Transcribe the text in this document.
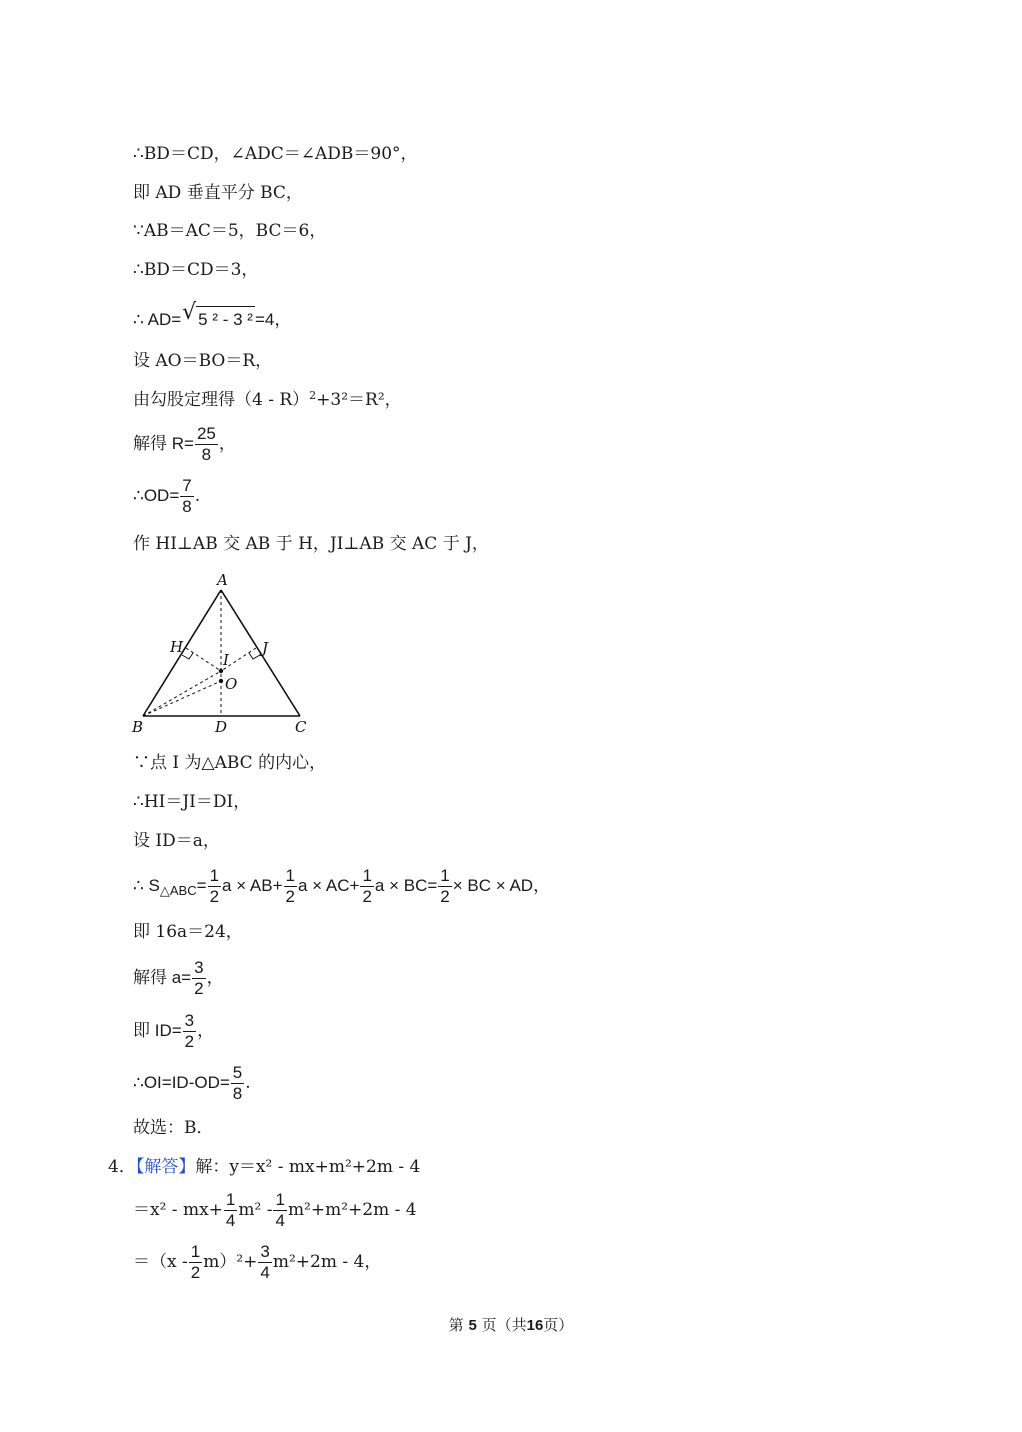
∴BD＝CD，∠ADC＝∠ADB＝90°，
即 AD 垂直平分 BC，
∵AB＝AC＝5，BC＝6，
∴BD＝CD＝3，
∴ AD= √ 5 ² - 3 ² =4，
设 AO＝BO＝R，
由勾股定理得（4 - R）$^2$+3²＝R²，
解得 $R= \frac{25}{8}$ ，
∴OD= $\frac{7}{8}$ .
作 HI⊥AB 交 AB 于 H，JI⊥AB 交 AC 于 J，
A
B	C
D
H	J
I
O
∵点 I 为△ABC 的内心，
∴HI＝JI＝DI，
设 ID＝a，
∴ $S_{\triangle ABC}= \frac{1}{2}$ $a \times AB+ \frac{1}{2}$ $a \times AC+ \frac{1}{2}$ $a \times BC= \frac{1}{2}$ × BC × AD，
即 16a＝24，
解得 $a= \frac{3}{2}$ ，
即 $ID= \frac{3}{2}$ ，
∴OI=ID-OD= $\frac{5}{8}$ .
故选：B．
4．【解答】解：y＝x² - mx+m²+2m - 4
$=x^2 - mx+ \frac{1}{4} m^2 - \frac{1}{4} m^2+m^2+2m - 4$
$=(x - \frac{1}{2} m)^2+ \frac{3}{4} m^2+2m - 4$，
第 5 页（共16页）
